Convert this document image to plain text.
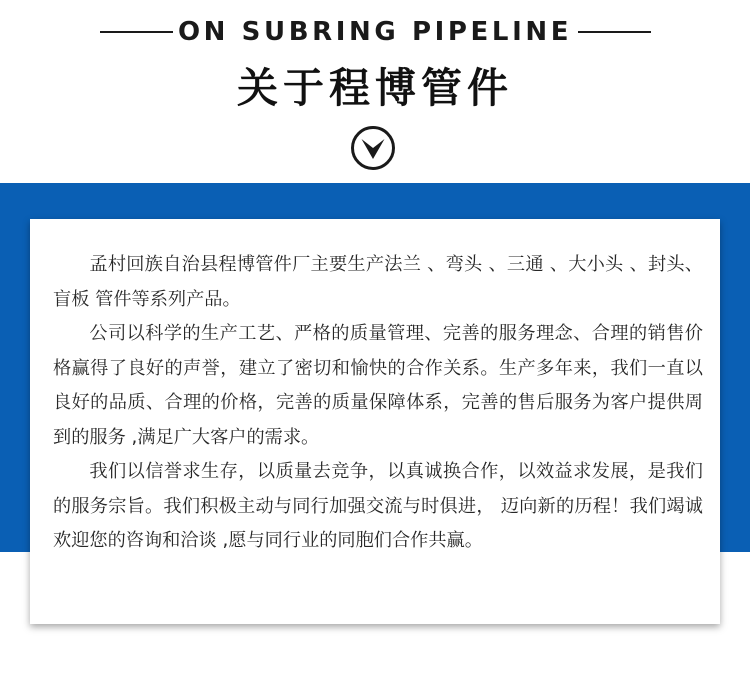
ON SUBRING PIPELINE
关于程博管件

孟村回族自治县程博管件厂主要生产法兰 、弯头 、三通 、大小头 、封头、盲板 管件等系列产品。

公司以科学的生产工艺、严格的质量管理、完善的服务理念、合理的销售价格赢得了良好的声誉，建立了密切和愉快的合作关系。生产多年来，我们一直以良好的品质、合理的价格，完善的质量保障体系，完善的售后服务为客户提供周到的服务 ,满足广大客户的需求。

我们以信誉求生存，以质量去竞争，以真诚换合作，以效益求发展，是我们的服务宗旨。我们积极主动与同行加强交流与时俱进， 迈向新的历程！我们竭诚欢迎您的咨询和洽谈 ,愿与同行业的同胞们合作共赢。
